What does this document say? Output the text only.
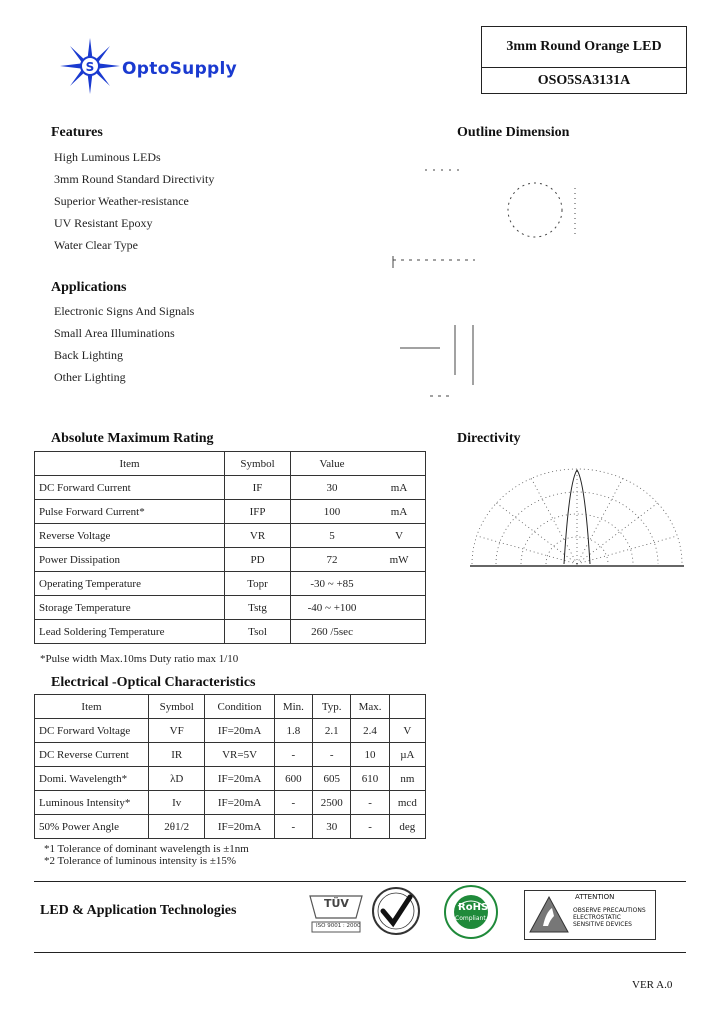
S OptoSupply
3mm Round Orange LED
OSO5SA3131A
Features
High Luminous LEDs
3mm Round Standard Directivity
Superior Weather-resistance
UV Resistant Epoxy
Water Clear Type
Applications
Electronic Signs And Signals
Small Area Illuminations
Back Lighting
Other Lighting
Outline Dimension
Absolute Maximum Rating
Item	Symbol	Value	
DC Forward Current	IF	30	mA
Pulse Forward Current*	IFP	100	mA
Reverse Voltage	VR	5	V
Power Dissipation	PD	72	mW
Operating Temperature	Topr	-30 ~ +85	
Storage Temperature	Tstg	-40 ~ +100	
Lead Soldering Temperature	Tsol	260 /5sec	
*Pulse width Max.10ms Duty ratio max 1/10
Directivity
Electrical -Optical Characteristics
Item	Symbol	Condition	Min.	Typ.	Max.	
DC Forward Voltage	VF	IF=20mA	1.8	2.1	2.4	V
DC Reverse Current	IR	VR=5V	-	-	10	µA
Domi. Wavelength*	λD	IF=20mA	600	605	610	nm
Luminous Intensity*	Iv	IF=20mA	-	2500	-	mcd
50% Power Angle	2θ1/2	IF=20mA	-	30	-	deg
*1 Tolerance of dominant wavelength is ±1nm
*2 Tolerance of luminous intensity is ±15%
LED & Application Technologies	TÜV
ISO 9001 : 2000
RoHS
Compliant
ATTENTION
OBSERVE PRECAUTIONS ELECTROSTATIC SENSITIVE DEVICES
VER A.0
